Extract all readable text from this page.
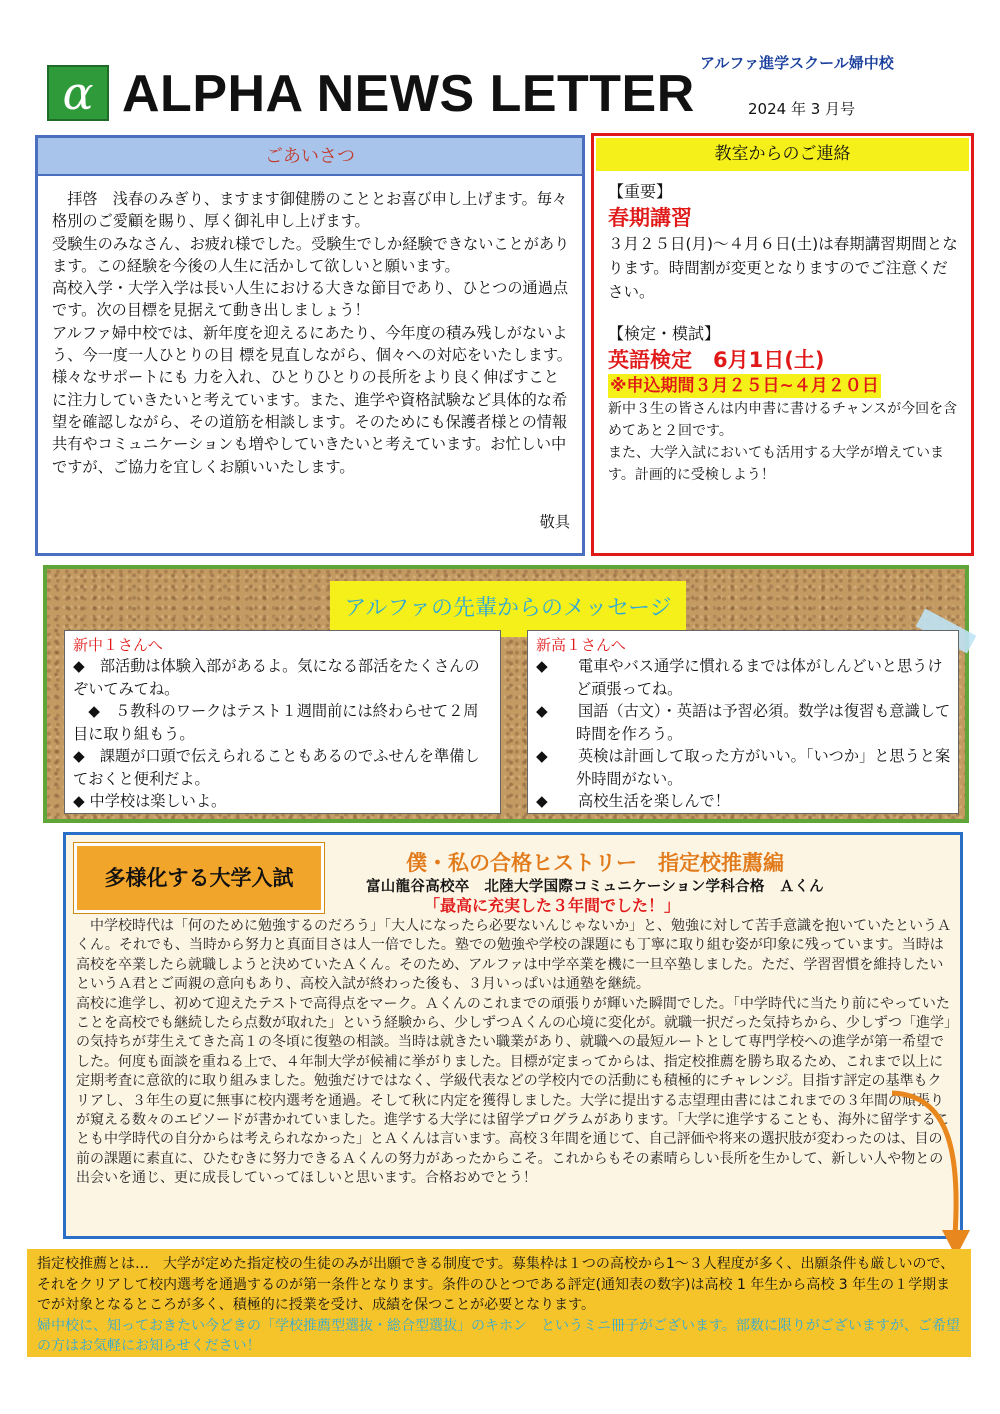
α ALPHA NEWS LETTER
アルファ進学スクール婦中校
2024 年 3 月号
ごあいさつ

　拝啓　浅春のみぎり、ますます御健勝のこととお喜び申し上げます。毎々格別のご愛顧を賜り、厚く御礼申し上げます。

受験生のみなさん、お疲れ様でした。受験生でしか経験できないことがあります。この経験を今後の人生に活かして欲しいと願います。

高校入学・大学入学は長い人生における大きな節目であり、ひとつの通過点です。次の目標を見据えて動き出しましょう！

アルファ婦中校では、新年度を迎えるにあたり、今年度の積み残しがないよう、今一度一人ひとりの目 標を見直しながら、個々への対応をいたします。様々なサポートにも 力を入れ、ひとりひとりの長所をより良く伸ばすことに注力していきたいと考えています。また、進学や資格試験など具体的な希望を確認しながら、その道筋を相談します。そのためにも保護者様との情報 共有やコミュニケーションも増やしていきたいと考えています。お忙しい中ですが、ご協力を宜しくお願いいたします。

敬具
教室からのご連絡
【重要】
春期講習
３月２５日(月)～４月６日(土)は春期講習期間となります。時間割が変更となりますのでご注意ください。
【検定・模試】
英語検定　6月1日(土)
※申込期間３月２５日~４月２０日
新中３生の皆さんは内申書に書けるチャンスが今回を含めてあと２回です。
また、大学入試においても活用する大学が増えています。計画的に受検しよう！
アルファの先輩からのメッセージ
新中１さんへ
◆　部活動は体験入部があるよ。気になる部活をたくさんのぞいてみてね。
　◆　５教科のワークはテスト１週間前には終わらせて２周目に取り組もう。
◆　課題が口頭で伝えられることもあるのでふせんを準備しておくと便利だよ。
◆ 中学校は楽しいよ。
新高１さんへ
◆　　電車やバス通学に慣れるまでは体がしんどいと思うけど頑張ってね。
◆　　国語（古文）・英語は予習必須。数学は復習も意識して時間を作ろう。
◆　　英検は計画して取った方がいい。「いつか」と思うと案外時間がない。
◆　　高校生活を楽しんで！
多様化する大学入試
僕・私の合格ヒストリー　指定校推薦編
富山龍谷高校卒　北陸大学国際コミュニケーション学科合格　Ａくん
「最高に充実した３年間でした！」

　中学校時代は「何のために勉強するのだろう」「大人になったら必要ないんじゃないか」と、勉強に対して苦手意識を抱いていたというＡくん。それでも、当時から努力と真面目さは人一倍でした。塾での勉強や学校の課題にも丁寧に取り組む姿が印象に残っています。当時は高校を卒業したら就職しようと決めていたＡくん。そのため、アルファは中学卒業を機に一旦卒塾しました。ただ、学習習慣を維持したいというＡ君とご両親の意向もあり、高校入試が終わった後も、３月いっぱいは通塾を継続。

高校に進学し、初めて迎えたテストで高得点をマーク。Ａくんのこれまでの頑張りが輝いた瞬間でした。「中学時代に当たり前にやっていたことを高校でも継続したら点数が取れた」という経験から、少しずつＡくんの心境に変化が。就職一択だった気持ちから、少しずつ「進学」の気持ちが芽生えてきた高１の冬頃に復塾の相談。当時は就きたい職業があり、就職への最短ルートとして専門学校への進学が第一希望でした。何度も面談を重ねる上で、４年制大学が候補に挙がりました。目標が定まってからは、指定校推薦を勝ち取るため、これまで以上に定期考査に意欲的に取り組みました。勉強だけではなく、学級代表などの学校内での活動にも積極的にチャレンジ。目指す評定の基準もクリアし、３年生の夏に無事に校内選考を通過。そして秋に内定を獲得しました。大学に提出する志望理由書にはこれまでの３年間の頑張りが窺える数々のエピソードが書かれていました。進学する大学には留学プログラムがあります。「大学に進学することも、海外に留学することも中学時代の自分からは考えられなかった」とＡくんは言います。高校３年間を通じて、自己評価や将来の選択肢が変わったのは、目の前の課題に素直に、ひたむきに努力できるＡくんの努力があったからこそ。これからもその素晴らしい長所を生かして、新しい人や物との出会いを通じ、更に成長していってほしいと思います。合格おめでとう！

指定校推薦とは…　大学が定めた指定校の生徒のみが出願できる制度です。募集枠は１つの高校から1～３人程度が多く、出願条件も厳しいので、それをクリアして校内選考を通過するのが第一条件となります。条件のひとつである評定(通知表の数字)は高校 1 年生から高校 3 年生の１学期までが対象となるところが多く、積極的に授業を受け、成績を保つことが必要となります。
婦中校に、知っておきたい今どきの「学校推薦型選抜・総合型選抜」のキホン　というミニ冊子がございます。部数に限りがございますが、ご希望の方はお気軽にお知らせください！
